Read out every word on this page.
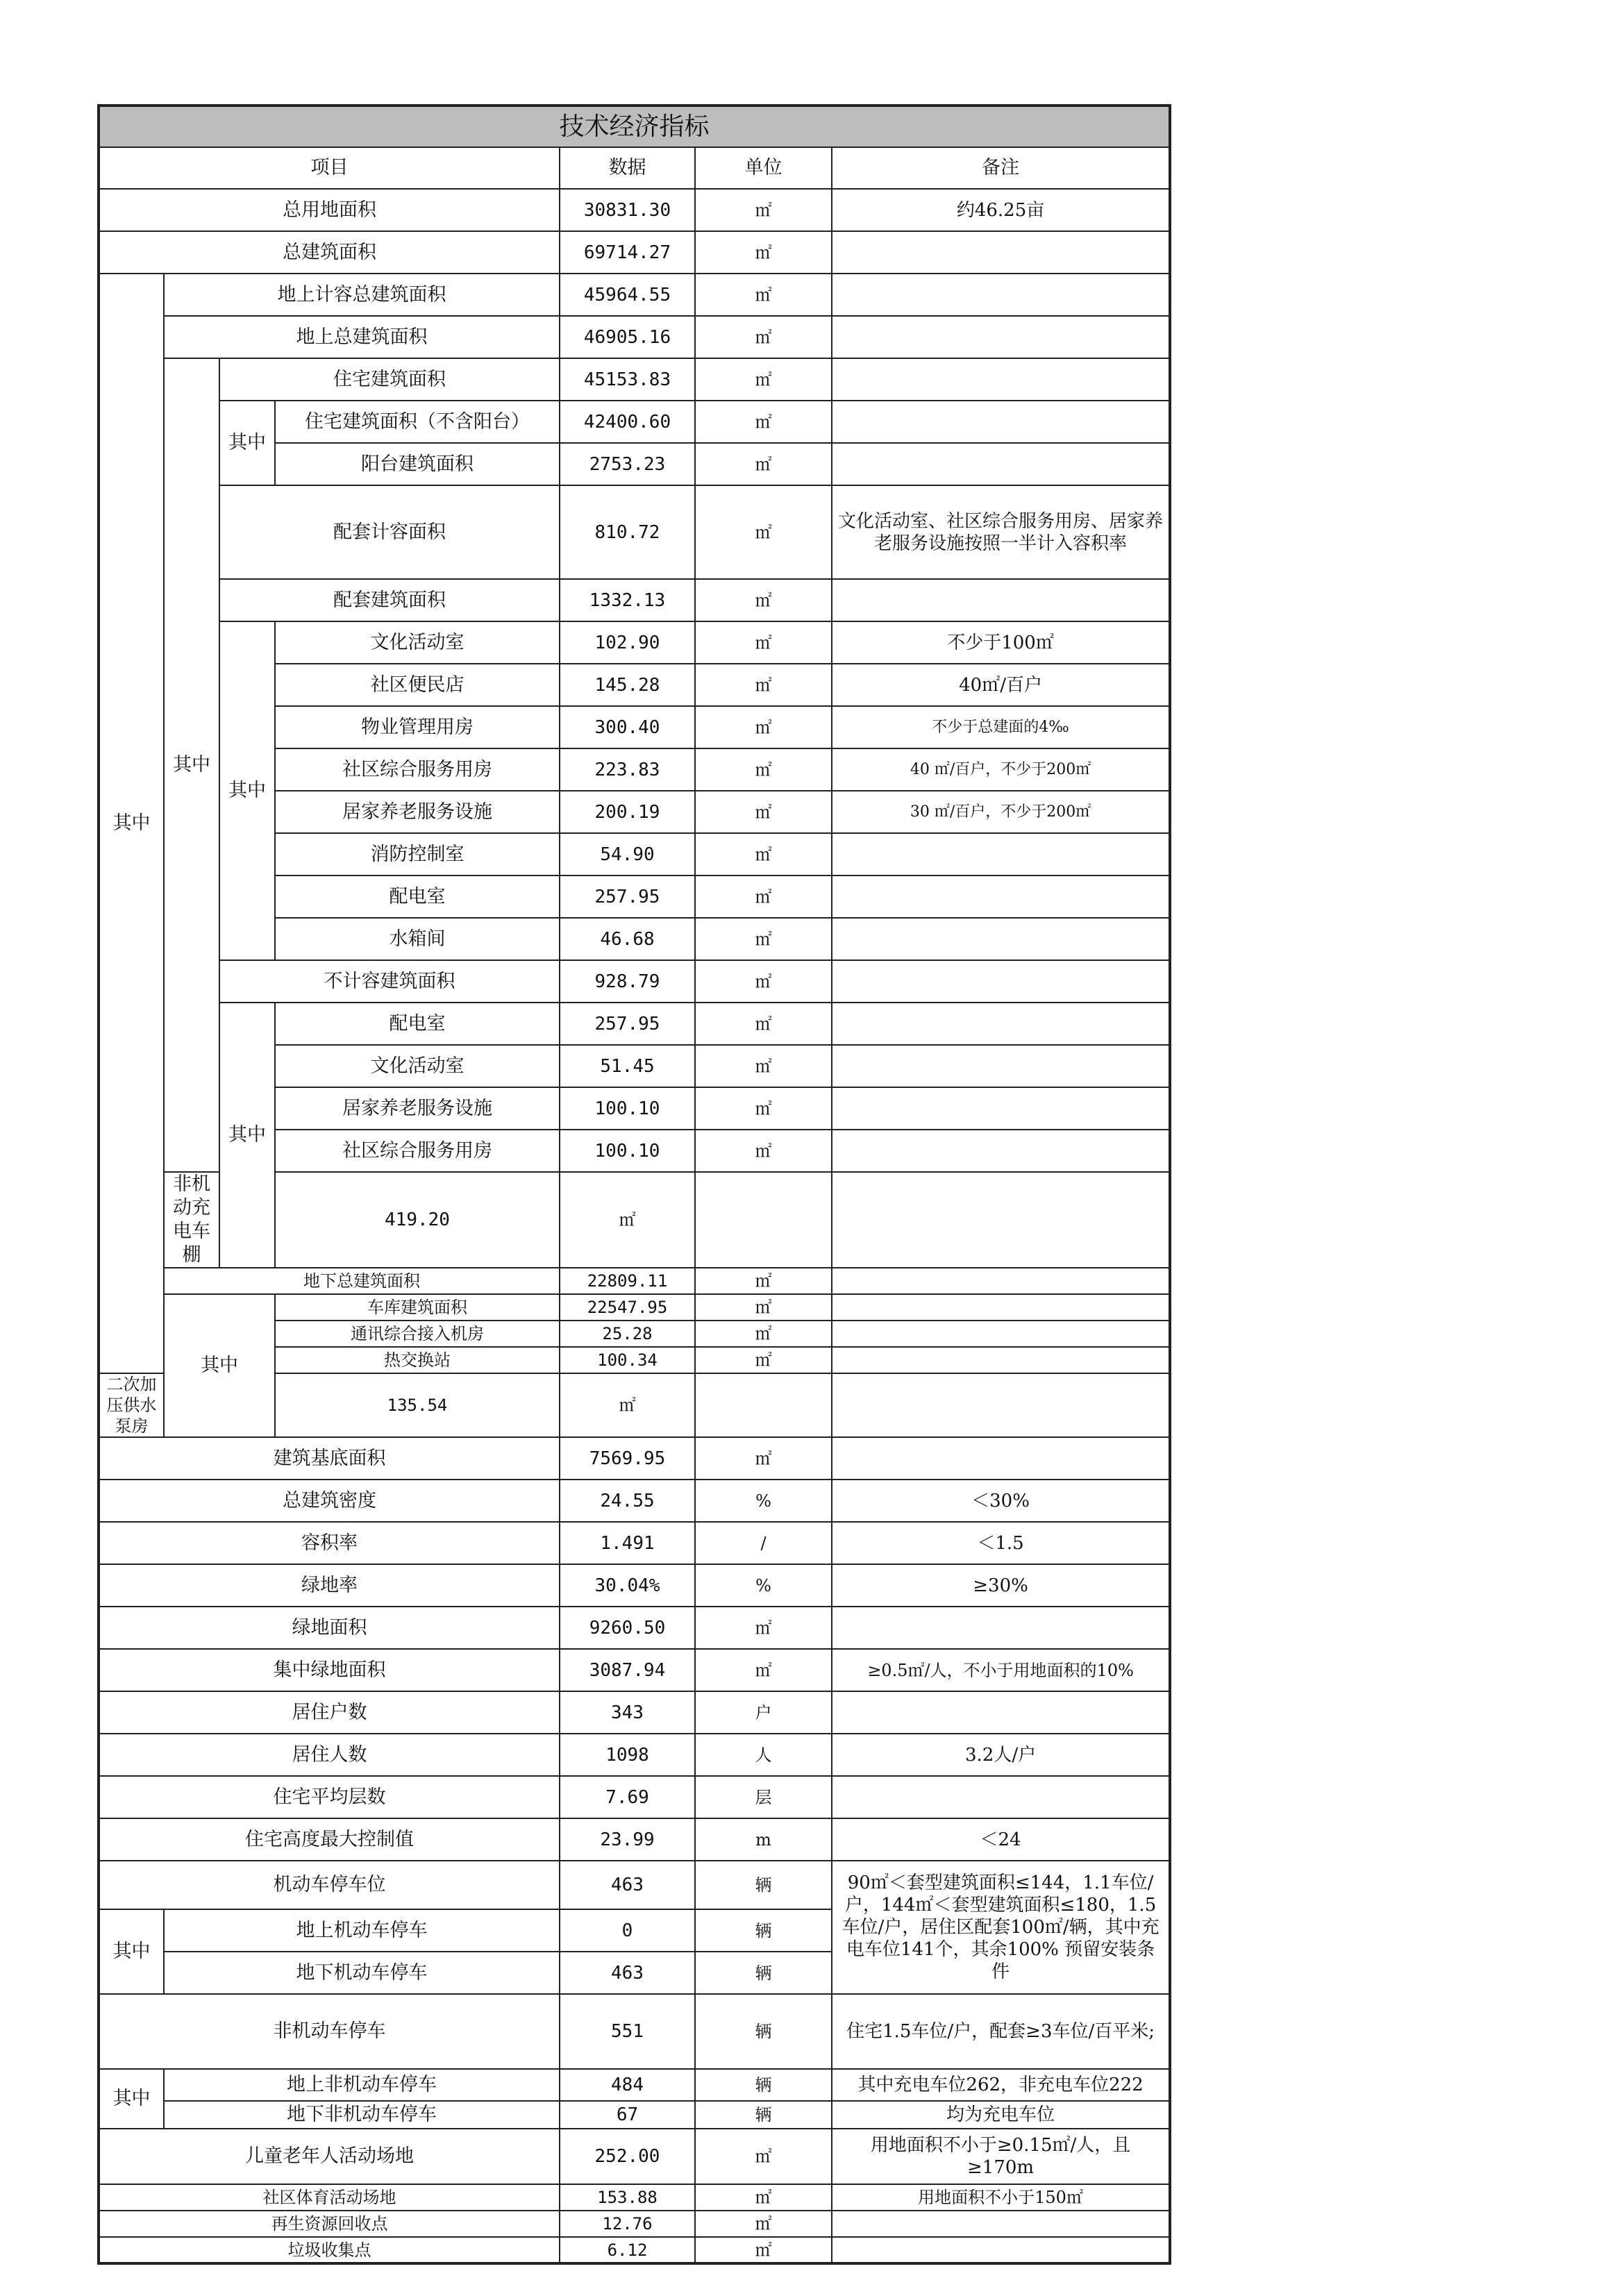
技术经济指标						
项目				数据	单位	备注
总用地面积				30831.30	㎡	约46.25亩
总建筑面积				69714.27	㎡	
其中	地上计容总建筑面积			45964.55	㎡	
	地上总建筑面积			46905.16	㎡	
	其中	住宅建筑面积		45153.83	㎡	
		其中	住宅建筑面积（不含阳台）	42400.60	㎡	
			阳台建筑面积	2753.23	㎡	
		配套计容面积		810.72	㎡	文化活动室、社区综合服务用房、居家养老服务设施按照一半计入容积率
		配套建筑面积		1332.13	㎡	
		其中	文化活动室	102.90	㎡	不少于100㎡
			社区便民店	145.28	㎡	40㎡/百户
			物业管理用房	300.40	㎡	不少于总建面的4‰
			社区综合服务用房	223.83	㎡	40 ㎡/百户，不少于200㎡
			居家养老服务设施	200.19	㎡	30 ㎡/百户，不少于200㎡
			消防控制室	54.90	㎡	
			配电室	257.95	㎡	
			水箱间	46.68	㎡	
		不计容建筑面积		928.79	㎡	
		其中	配电室	257.95	㎡	
			文化活动室	51.45	㎡	
			居家养老服务设施	100.10	㎡	
			社区综合服务用房	100.10	㎡	
	非机动充电车棚		419.20	㎡		
	地下总建筑面积			22809.11	㎡	
	其中		车库建筑面积	22547.95	㎡	
			通讯综合接入机房	25.28	㎡	
			热交换站	100.34	㎡	
二次加压供水泵房			135.54	㎡		
建筑基底面积				7569.95	㎡	
总建筑密度				24.55	%	＜30%
容积率				1.491	/	＜1.5
绿地率				30.04%	%	≥30%
绿地面积				9260.50	㎡	
集中绿地面积				3087.94	㎡	≥0.5㎡/人，不小于用地面积的10%
居住户数				343	户	
居住人数				1098	人	3.2人/户
住宅平均层数				7.69	层	
住宅高度最大控制值				23.99	m	＜24
机动车停车位				463	辆	90㎡＜套型建筑面积≤144，1.1车位/户，144㎡＜套型建筑面积≤180，1.5车位/户，居住区配套100㎡/辆，其中充电车位141个，其余100% 预留安装条件
其中	地上机动车停车			0	辆	
	地下机动车停车			463	辆	
非机动车停车				551	辆	住宅1.5车位/户，配套≥3车位/百平米;
其中	地上非机动车停车			484	辆	其中充电车位262，非充电车位222
	地下非机动车停车			67	辆	均为充电车位
儿童老年人活动场地				252.00	㎡	用地面积不小于≥0.15㎡/人，且≥170m
社区体育活动场地				153.88	㎡	用地面积不小于150㎡
再生资源回收点				12.76	㎡	
垃圾收集点				6.12	㎡	
